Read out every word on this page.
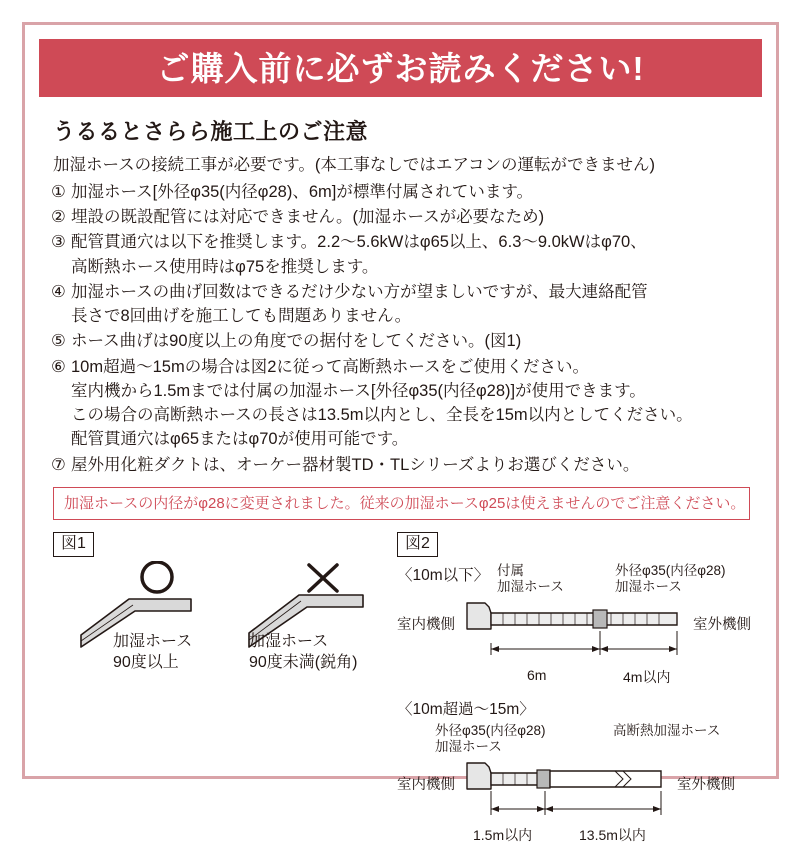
ご購入前に必ずお読みください!
うるるとさらら施工上のご注意
加湿ホースの接続工事が必要です。(本工事なしではエアコンの運転ができません)
① 加湿ホース[外径φ35(内径φ28)、6m]が標準付属されています。
② 埋設の既設配管には対応できません。(加湿ホースが必要なため)
③ 配管貫通穴は以下を推奨します。2.2〜5.6kWはφ65以上、6.3〜9.0kWはφ70、
高断熱ホース使用時はφ75を推奨します。
④ 加湿ホースの曲げ回数はできるだけ少ない方が望ましいですが、最大連絡配管
長さで8回曲げを施工しても問題ありません。
⑤ ホース曲げは90度以上の角度での据付をしてください。(図1)
⑥ 10m超過〜15mの場合は図2に従って高断熱ホースをご使用ください。
室内機から1.5mまでは付属の加湿ホース[外径φ35(内径φ28)]が使用できます。
この場合の高断熱ホースの長さは13.5m以内とし、全長を15m以内としてください。
配管貫通穴はφ65またはφ70が使用可能です。
⑦ 屋外用化粧ダクトは、オーケー器材製TD・TLシリーズよりお選びください。
加湿ホースの内径がφ28に変更されました。従来の加湿ホースφ25は使えませんのでご注意ください。
図1
加湿ホース
90度以上
加湿ホース
90度未満(鋭角)
図2
〈10m以下〉 付属
加湿ホース
外径φ35(内径φ28)
加湿ホース
室内機側	室外機側
6m	4m以内
〈10m超過〜15m〉
外径φ35(内径φ28)
加湿ホース
高断熱加湿ホース
室内機側	室外機側
1.5m以内	13.5m以内
